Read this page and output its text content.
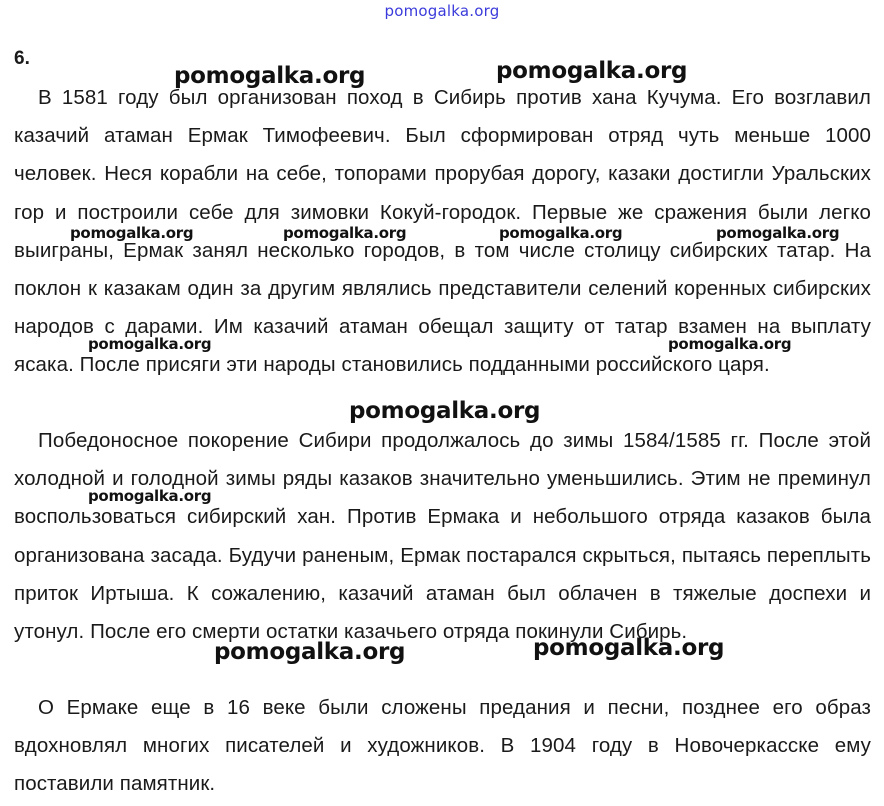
pomogalka.org
6.

В 1581 году был организован поход в Сибирь против хана Кучума. Его возглавил казачий атаман Ермак Тимофеевич. Был сформирован отряд чуть меньше 1000 человек. Неся корабли на себе, топорами прорубая дорогу, казаки достигли Уральских гор и построили себе для зимовки Кокуй-городок. Первые же сражения были легко выиграны, Ермак занял несколько городов, в том числе столицу сибирских татар. На поклон к казакам один за другим являлись представители селений коренных сибирских народов с дарами. Им казачий атаман обещал защиту от татар взамен на выплату ясака. После присяги эти народы становились подданными российского царя.

Победоносное покорение Сибири продолжалось до зимы 1584/1585 гг. После этой холодной и голодной зимы ряды казаков значительно уменьшились. Этим не преминул воспользоваться сибирский хан. Против Ермака и небольшого отряда казаков была организована засада. Будучи раненым, Ермак постарался скрыться, пытаясь переплыть приток Иртыша. К сожалению, казачий атаман был облачен в тяжелые доспехи и утонул. После его смерти остатки казачьего отряда покинули Сибирь.

О Ермаке еще в 16 веке были сложены предания и песни, позднее его образ вдохновлял многих писателей и художников. В 1904 году в Новочеркасске ему поставили памятник.

pomogalka.org	pomogalka.org
pomogalka.org	pomogalka.org	pomogalka.org	pomogalka.org
pomogalka.org	pomogalka.org
pomogalka.org
pomogalka.org
pomogalka.org	pomogalka.org
